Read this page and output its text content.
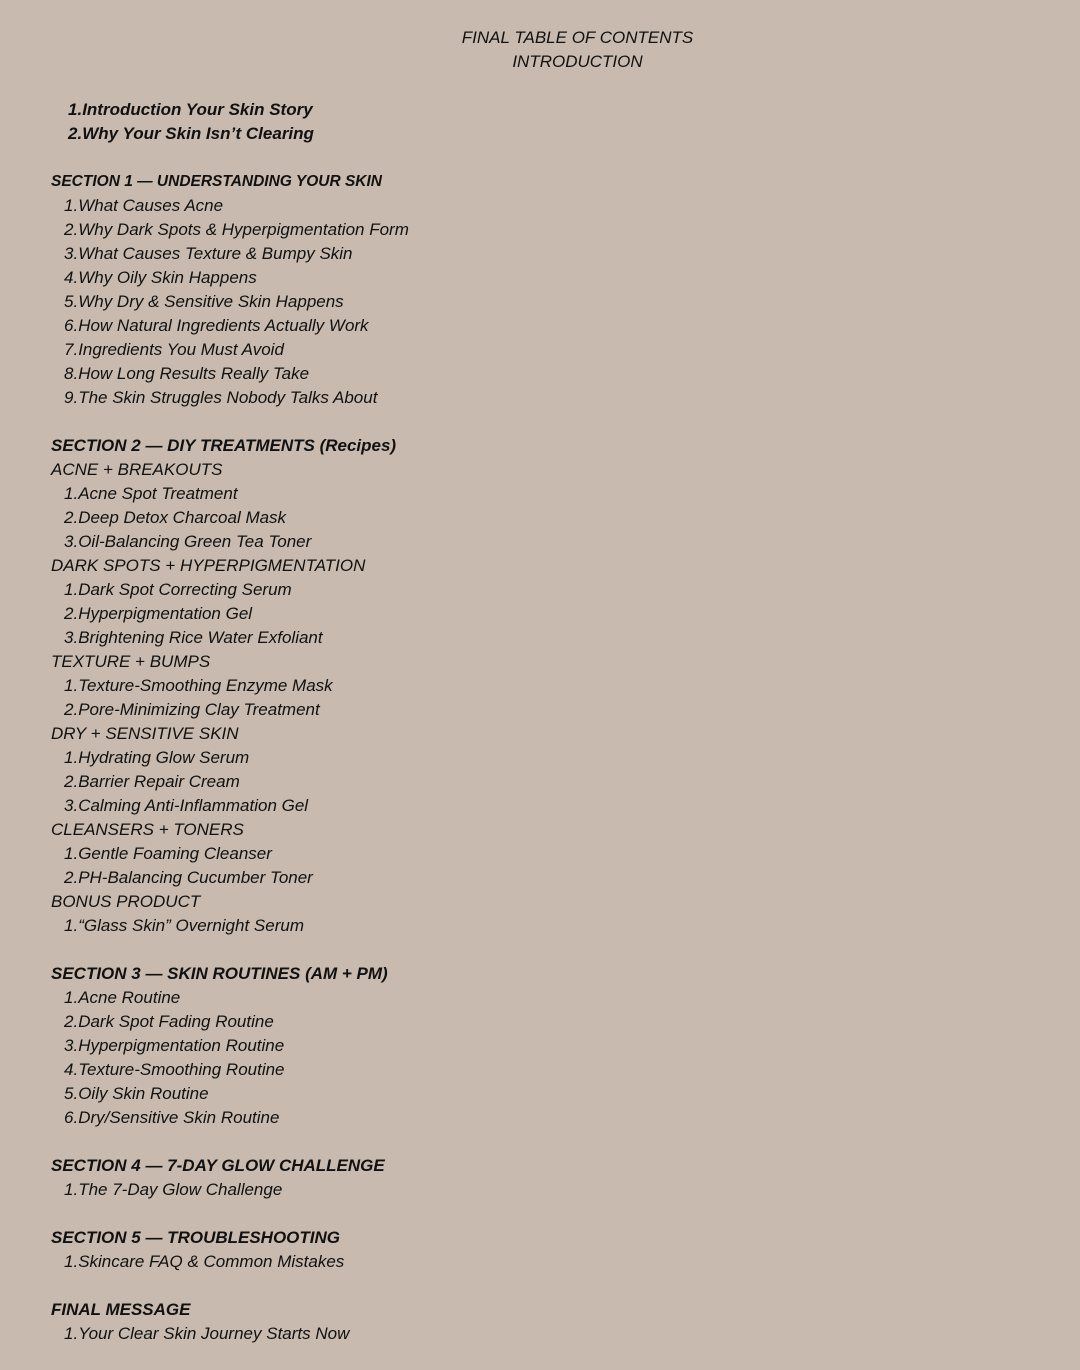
FINAL TABLE OF CONTENTS
INTRODUCTION
1.Introduction Your Skin Story
2.Why Your Skin Isn’t Clearing
SECTION 1 — UNDERSTANDING YOUR SKIN
1.What Causes Acne
2.Why Dark Spots & Hyperpigmentation Form
3.What Causes Texture & Bumpy Skin
4.Why Oily Skin Happens
5.Why Dry & Sensitive Skin Happens
6.How Natural Ingredients Actually Work
7.Ingredients You Must Avoid
8.How Long Results Really Take
9.The Skin Struggles Nobody Talks About
SECTION 2 — DIY TREATMENTS (Recipes)
ACNE + BREAKOUTS
1.Acne Spot Treatment
2.Deep Detox Charcoal Mask
3.Oil-Balancing Green Tea Toner
DARK SPOTS + HYPERPIGMENTATION
1.Dark Spot Correcting Serum
2.Hyperpigmentation Gel
3.Brightening Rice Water Exfoliant
TEXTURE + BUMPS
1.Texture-Smoothing Enzyme Mask
2.Pore-Minimizing Clay Treatment
DRY + SENSITIVE SKIN
1.Hydrating Glow Serum
2.Barrier Repair Cream
3.Calming Anti-Inflammation Gel
CLEANSERS + TONERS
1.Gentle Foaming Cleanser
2.PH-Balancing Cucumber Toner
BONUS PRODUCT
1.“Glass Skin” Overnight Serum
SECTION 3 — SKIN ROUTINES (AM + PM)
1.Acne Routine
2.Dark Spot Fading Routine
3.Hyperpigmentation Routine
4.Texture-Smoothing Routine
5.Oily Skin Routine
6.Dry/Sensitive Skin Routine
SECTION 4 — 7-DAY GLOW CHALLENGE
1.The 7-Day Glow Challenge
SECTION 5 — TROUBLESHOOTING
1.Skincare FAQ & Common Mistakes
FINAL MESSAGE
1.Your Clear Skin Journey Starts Now
